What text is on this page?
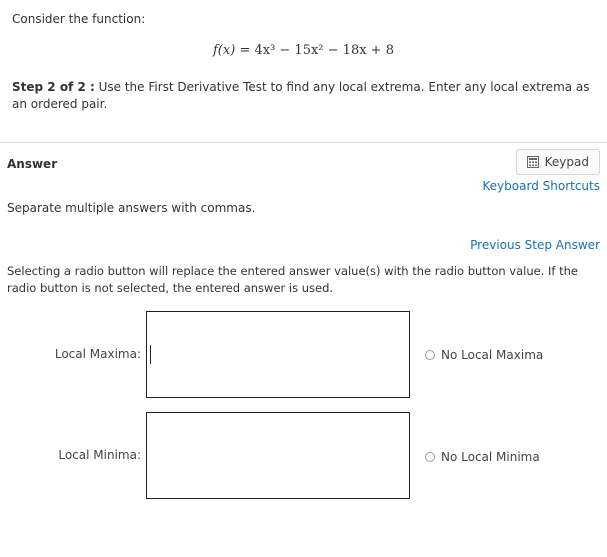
Consider the function:
f(x) = 4x³ − 15x² − 18x + 8
Step 2 of 2 : Use the First Derivative Test to find any local extrema. Enter any local extrema as an ordered pair.
Answer	Keypad
Keyboard Shortcuts
Separate multiple answers with commas.
Previous Step Answer
Selecting a radio button will replace the entered answer value(s) with the radio button value. If the radio button is not selected, the entered answer is used.
Local Maxima:	No Local Maxima
Local Minima:	No Local Minima
